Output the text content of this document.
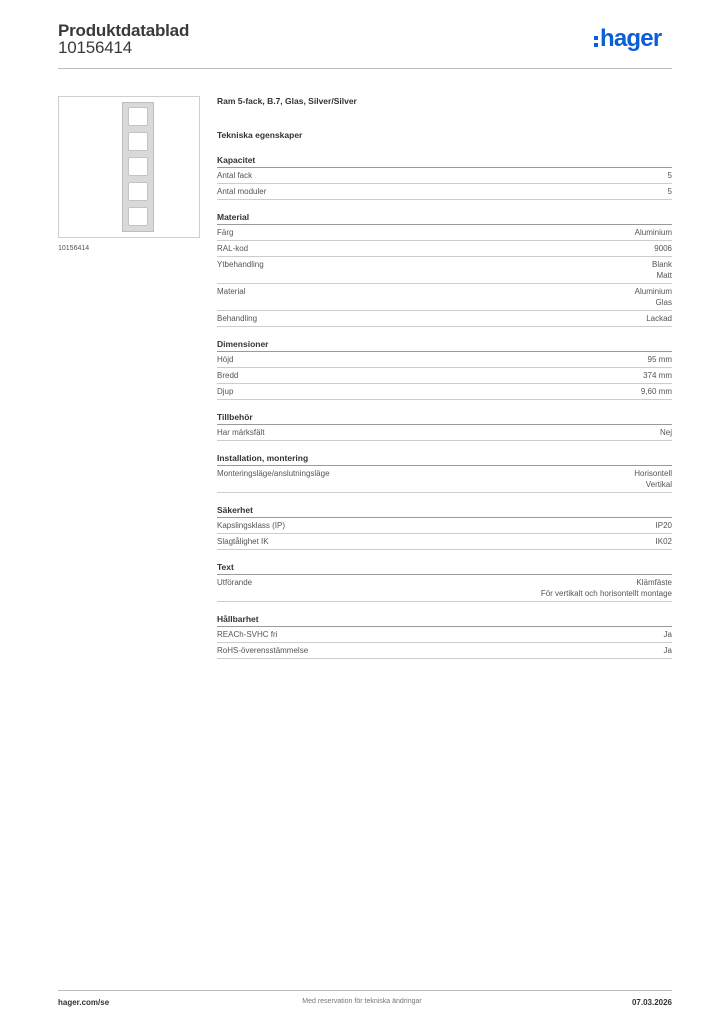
Produktdatablad
10156414	hager
10156414
Ram 5-fack, B.7, Glas, Silver/Silver
Tekniska egenskaper
Kapacitet
Antal fack	5
Antal moduler	5
Material
Färg	Aluminium
RAL-kod	9006
Ytbehandling	Blank
Matt
Material	Aluminium
Glas
Behandling	Lackad
Dimensioner
Höjd	95 mm
Bredd	374 mm
Djup	9,60 mm
Tillbehör
Har märksfält	Nej
Installation, montering
Monteringsläge/anslutningsläge	Horisontell
Vertikal
Säkerhet
Kapslingsklass (IP)	IP20
Slagtålighet IK	IK02
Text
Utförande	Klämfäste
För vertikalt och horisontellt montage
Hållbarhet
REACh-SVHC fri	Ja
RoHS-överensstämmelse	Ja
hager.com/se	Med reservation för tekniska ändringar	07.03.2026
